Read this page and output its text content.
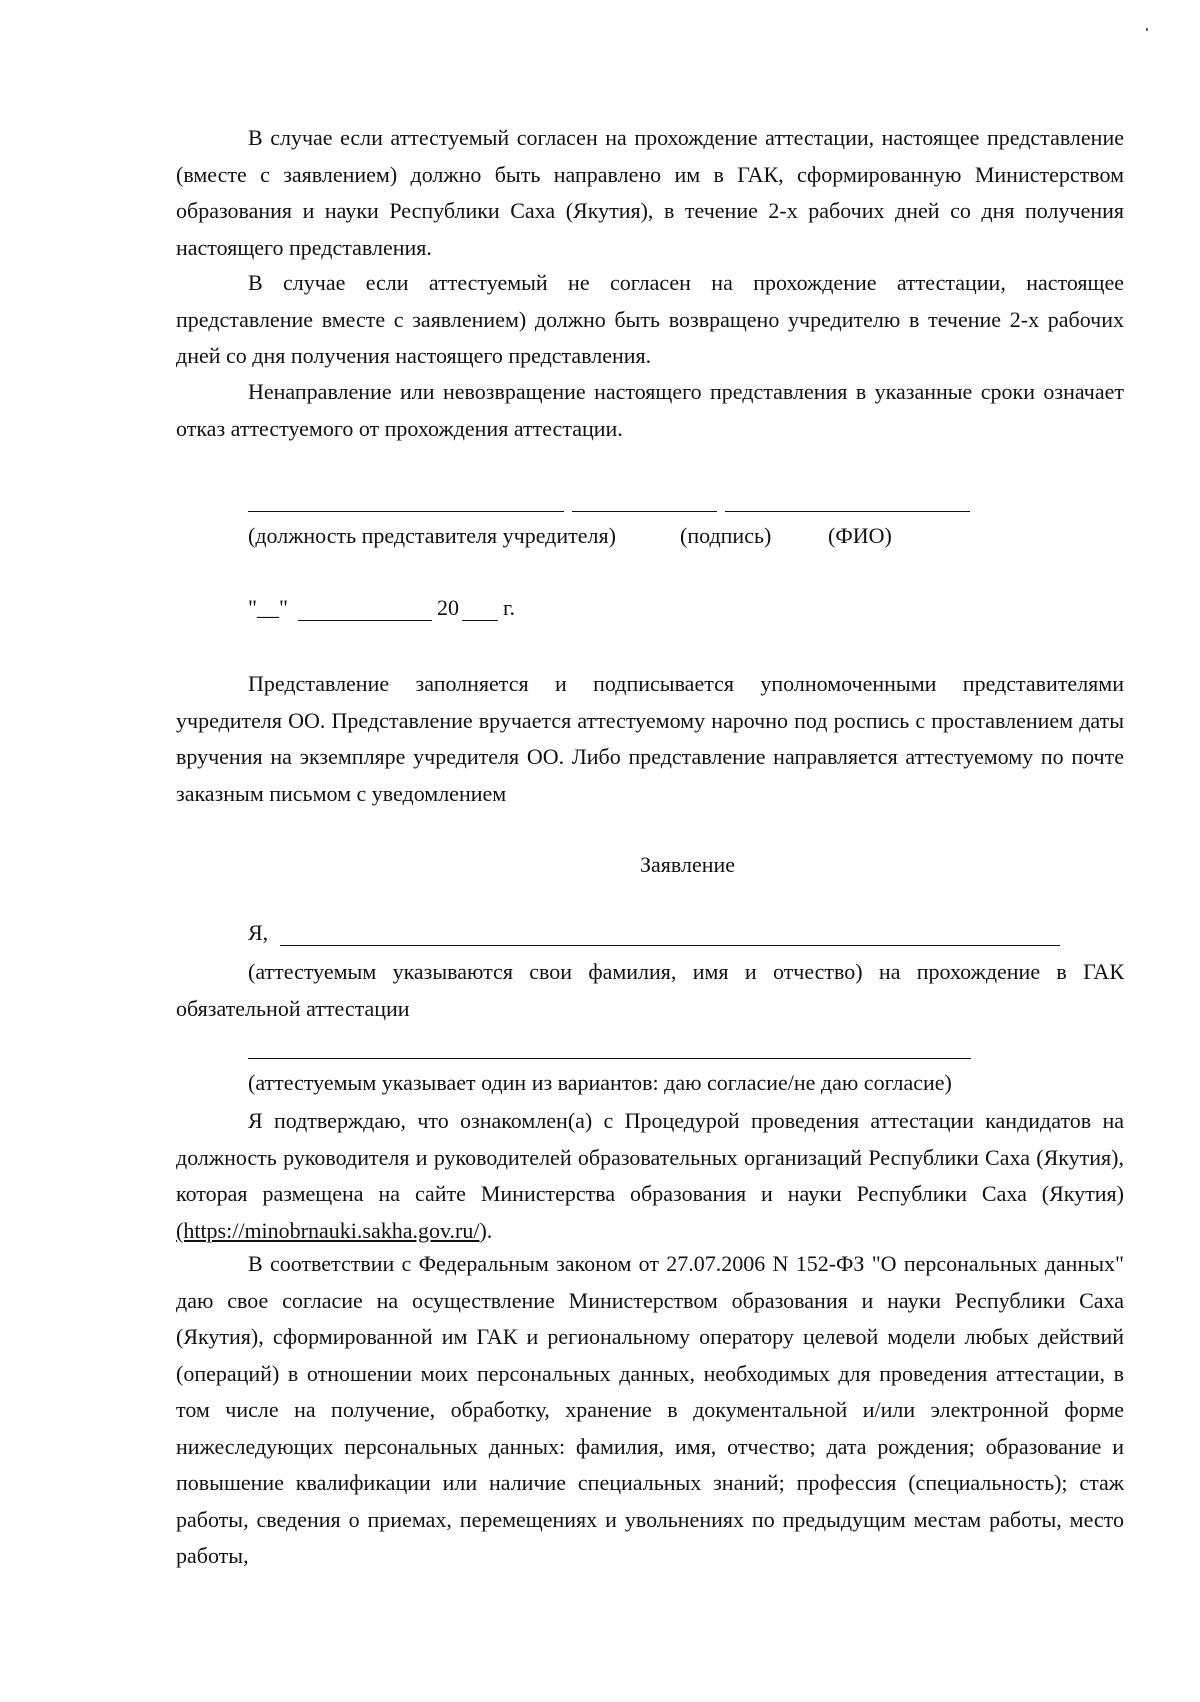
В случае если аттестуемый согласен на прохождение аттестации, настоящее представление (вместе с заявлением) должно быть направлено им в ГАК, сформированную Министерством образования и науки Республики Саха (Якутия), в течение 2-х рабочих дней со дня получения настоящего представления.

В случае если аттестуемый не согласен на прохождение аттестации, настоящее представление вместе с заявлением) должно быть возвращено учредителю в течение 2-х рабочих дней со дня получения настоящего представления.

Ненаправление или невозвращение настоящего представления в указанные сроки означает отказ аттестуемого от прохождения аттестации.

(должность представителя учредителя)	(подпись)	(ФИО)
"__"	20 г.

Представление заполняется и подписывается уполномоченными представителями учредителя ОО. Представление вручается аттестуемому нарочно под роспись с проставлением даты вручения на экземпляре учредителя ОО. Либо представление направляется аттестуемому по почте заказным письмом с уведомлением

Заявление
Я,

(аттестуемым указываются свои фамилия, имя и отчество) на прохождение в ГАК обязательной аттестации

(аттестуемым указывает один из вариантов: даю согласие/не даю согласие)

Я подтверждаю, что ознакомлен(а) с Процедурой проведения аттестации кандидатов на должность руководителя и руководителей образовательных организаций Республики Саха (Якутия), которая размещена на сайте Министерства образования и науки Республики Саха (Якутия) (https://minobrnauki.sakha.gov.ru/).

В соответствии с Федеральным законом от 27.07.2006 N 152-ФЗ "О персональных данных" даю свое согласие на осуществление Министерством образования и науки Республики Саха (Якутия), сформированной им ГАК и региональному оператору целевой модели любых действий (операций) в отношении моих персональных данных, необходимых для проведения аттестации, в том числе на получение, обработку, хранение в документальной и/или электронной форме нижеследующих персональных данных: фамилия, имя, отчество; дата рождения; образование и повышение квалификации или наличие специальных знаний; профессия (специальность); стаж работы, сведения о приемах, перемещениях и увольнениях по предыдущим местам работы, место работы,
